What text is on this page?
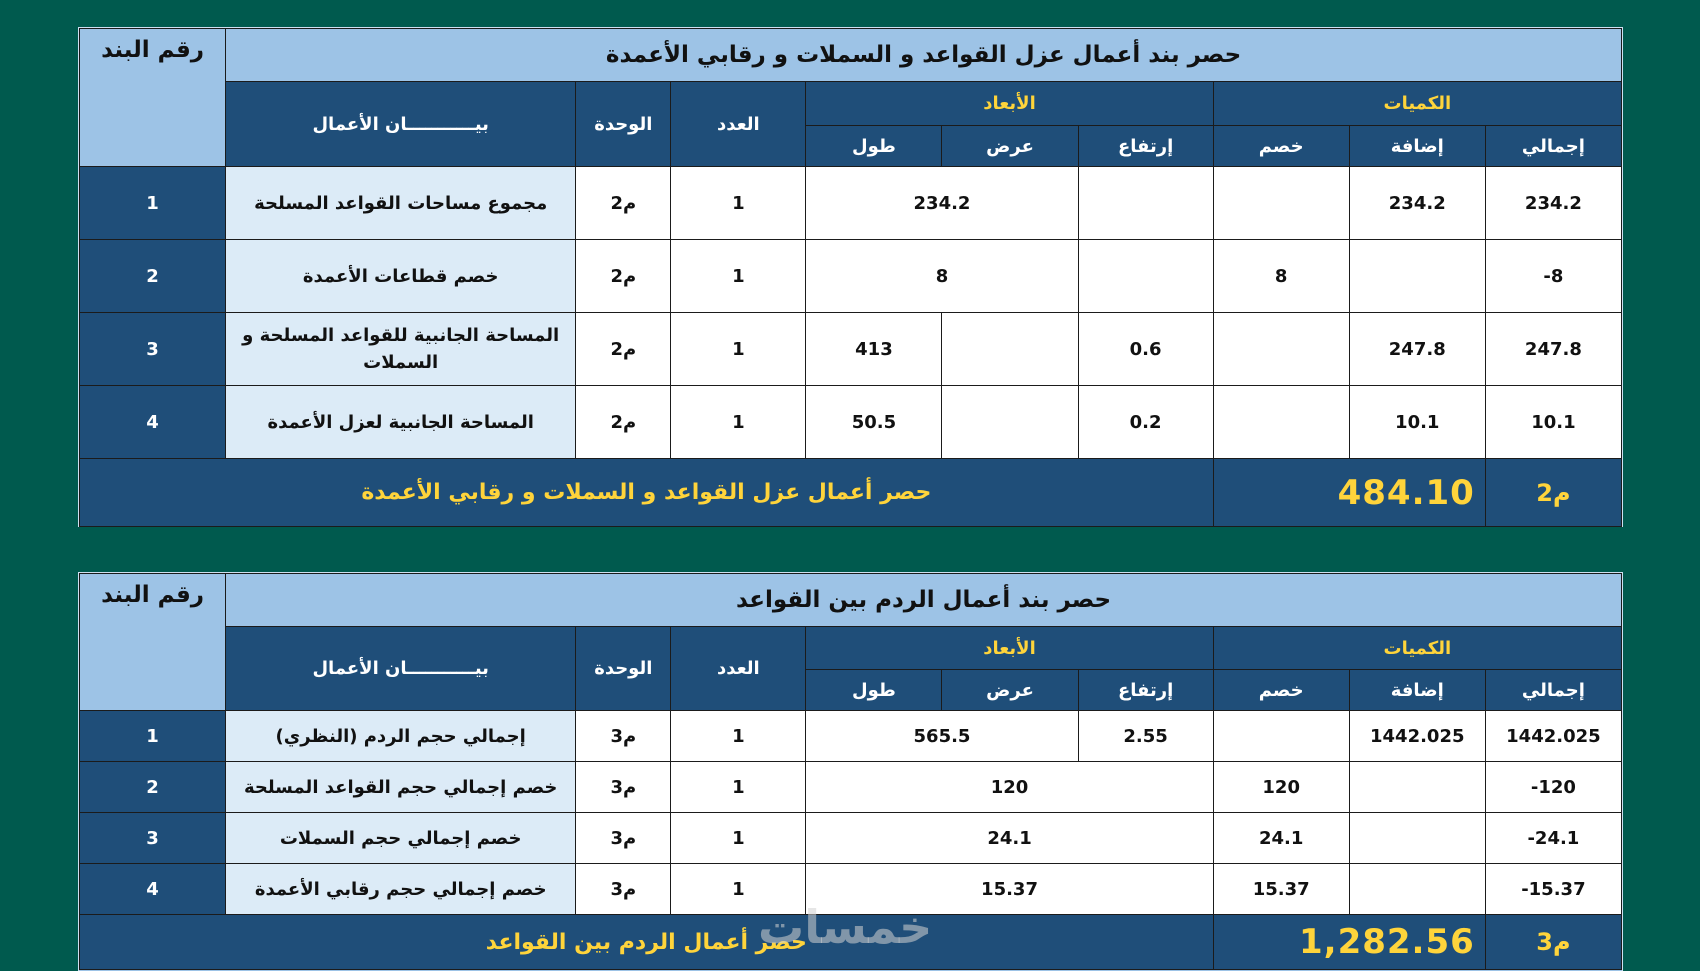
رقم البند	حصر بند أعمال عزل القواعد و السملات و رقابي الأعمدة								
	بيـــــــــــان الأعمال	الوحدة	العدد	الأبعاد			الكميات		
				طول	عرض	إرتفاع	خصم	إضافة	إجمالي
1	مجموع مساحات القواعد المسلحة	م2	1	234.2				234.2	234.2
2	خصم قطاعات الأعمدة	م2	1	8			8		-8
3	المساحة الجانبية للقواعد المسلحة و السملات	م2	1	413		0.6		247.8	247.8
4	المساحة الجانبية لعزل الأعمدة	م2	1	50.5		0.2		10.1	10.1
حصر أعمال عزل القواعد و السملات و رقابي الأعمدة							484.10		م2
رقم البند	حصر بند أعمال الردم بين القواعد								
	بيـــــــــــان الأعمال	الوحدة	العدد	الأبعاد			الكميات		
				طول	عرض	إرتفاع	خصم	إضافة	إجمالي
1	إجمالي حجم الردم (النظري)	م3	1	565.5		2.55		1442.025	1442.025
2	خصم إجمالي حجم القواعد المسلحة	م3	1	120			120		-120
3	خصم إجمالي حجم السملات	م3	1	24.1			24.1		-24.1
4	خصم إجمالي حجم رقابي الأعمدة	م3	1	15.37			15.37		-15.37
حصر أعمال الردم بين القواعد							1,282.56		م3
خمسات
